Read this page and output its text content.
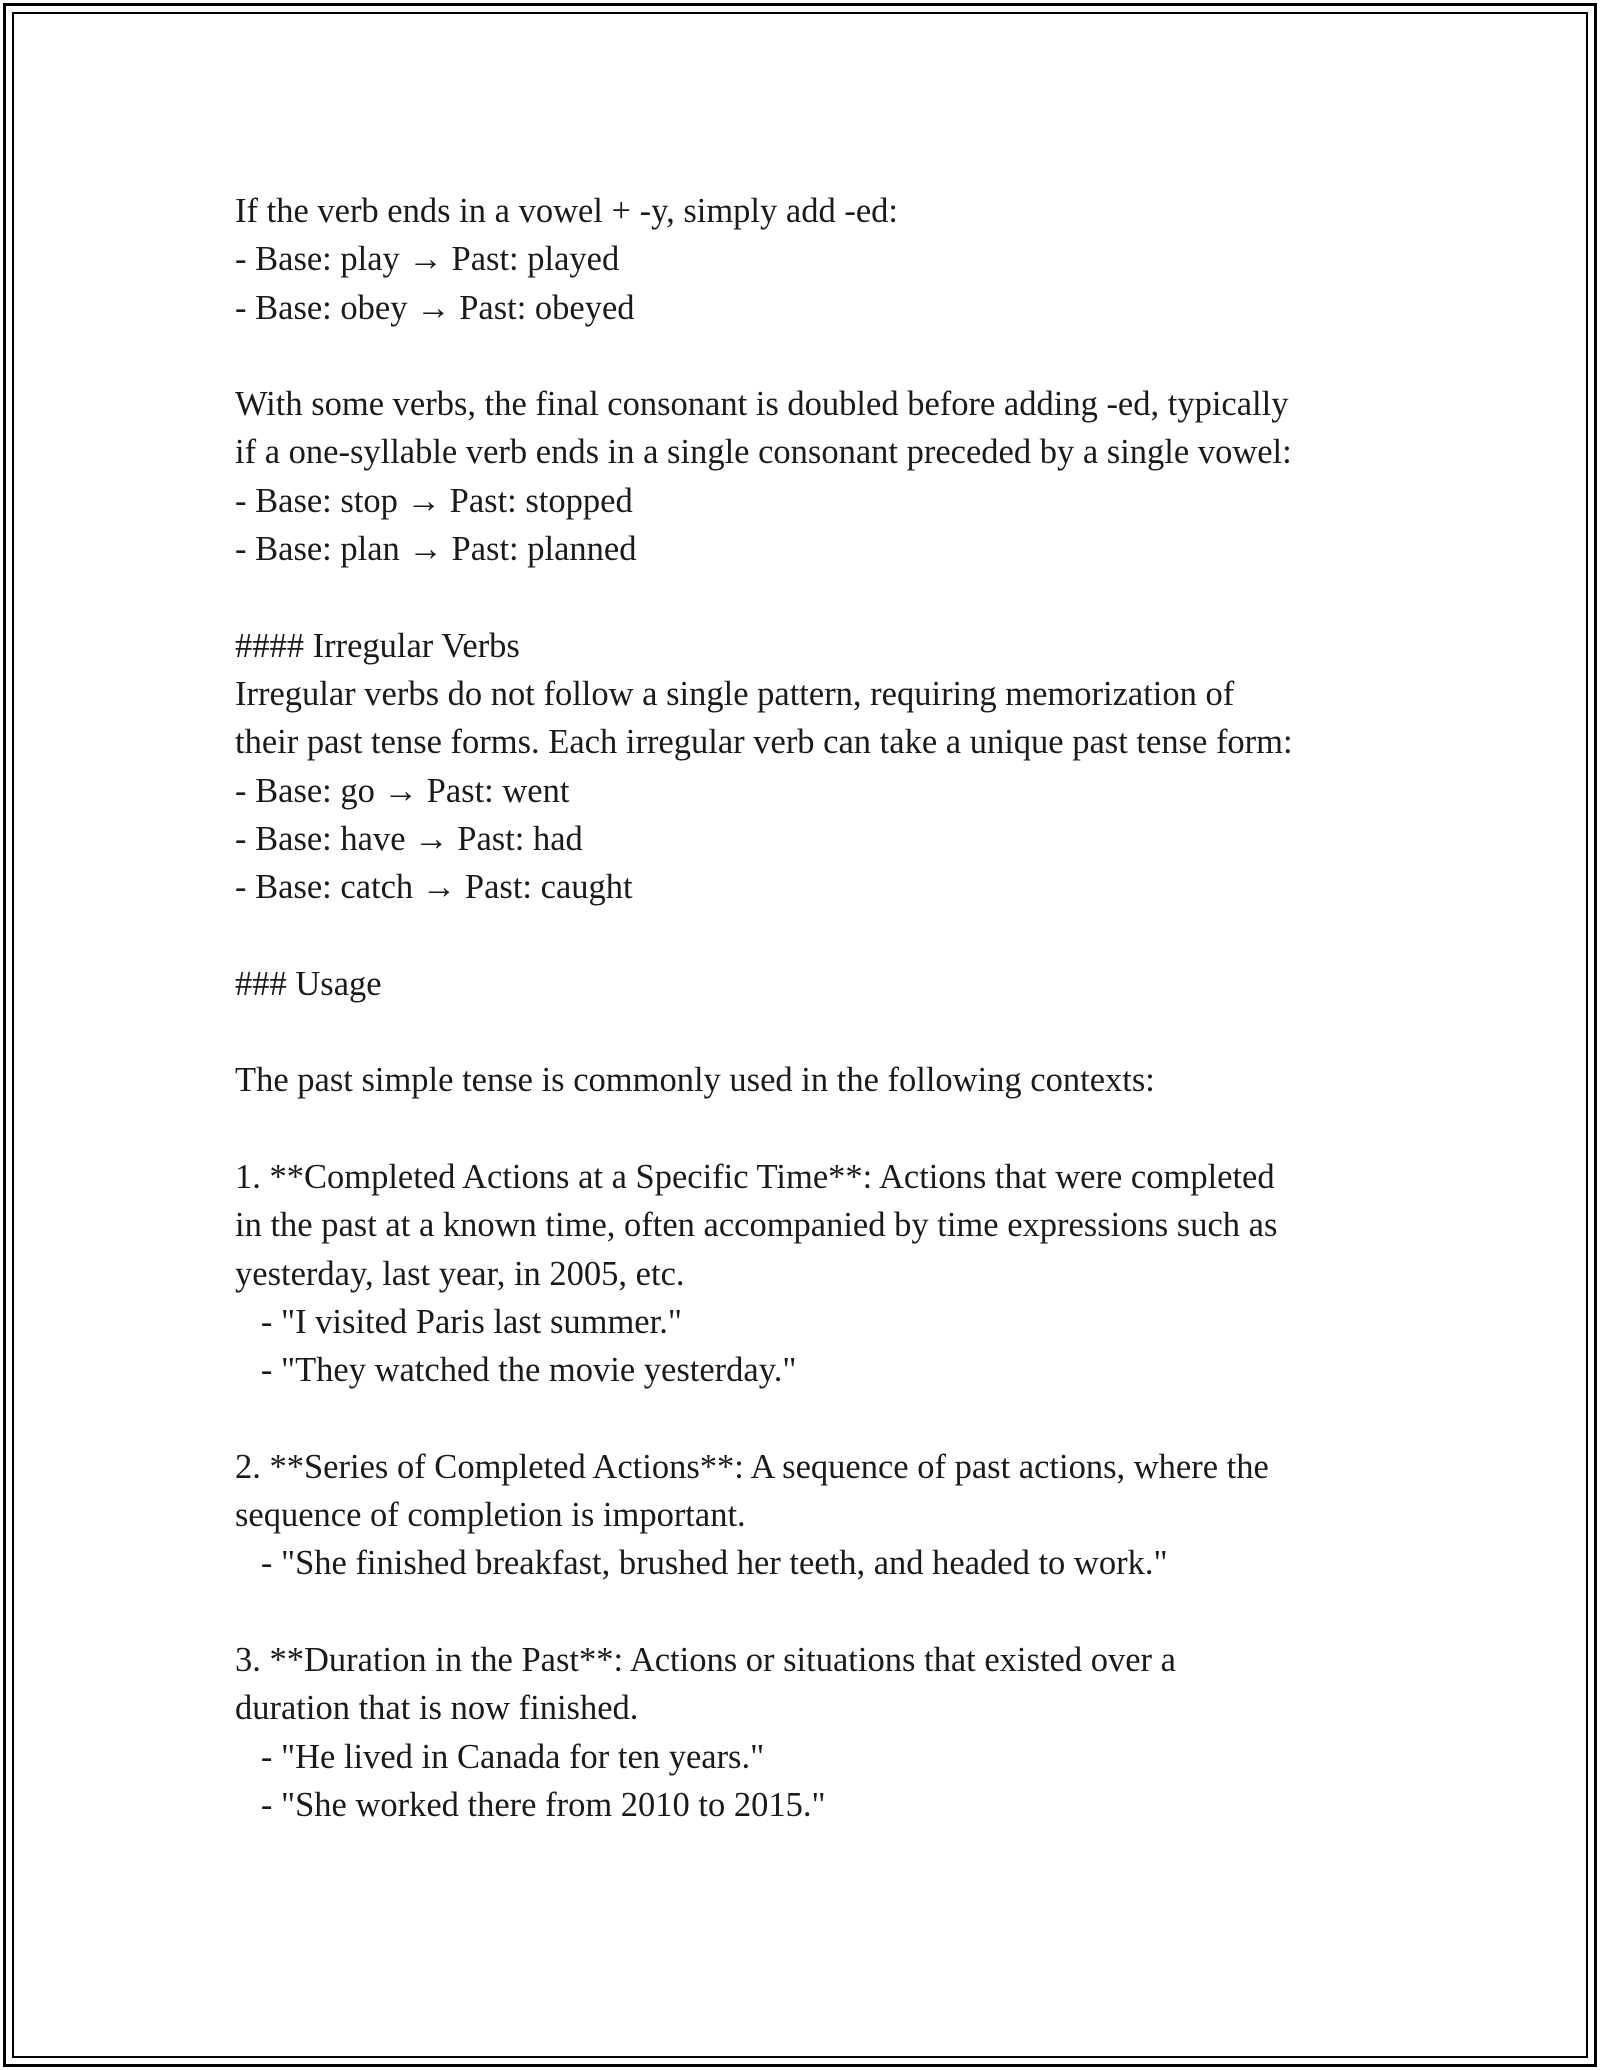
If the verb ends in a vowel + -y, simply add -ed:
- Base: play → Past: played
- Base: obey → Past: obeyed
With some verbs, the final consonant is doubled before adding -ed, typically
if a one-syllable verb ends in a single consonant preceded by a single vowel:
- Base: stop → Past: stopped
- Base: plan → Past: planned
#### Irregular Verbs
Irregular verbs do not follow a single pattern, requiring memorization of
their past tense forms. Each irregular verb can take a unique past tense form:
- Base: go → Past: went
- Base: have → Past: had
- Base: catch → Past: caught
### Usage
The past simple tense is commonly used in the following contexts:
1. **Completed Actions at a Specific Time**: Actions that were completed
in the past at a known time, often accompanied by time expressions such as
yesterday, last year, in 2005, etc.
- "I visited Paris last summer."
- "They watched the movie yesterday."
2. **Series of Completed Actions**: A sequence of past actions, where the
sequence of completion is important.
- "She finished breakfast, brushed her teeth, and headed to work."
3. **Duration in the Past**: Actions or situations that existed over a
duration that is now finished.
- "He lived in Canada for ten years."
- "She worked there from 2010 to 2015."
